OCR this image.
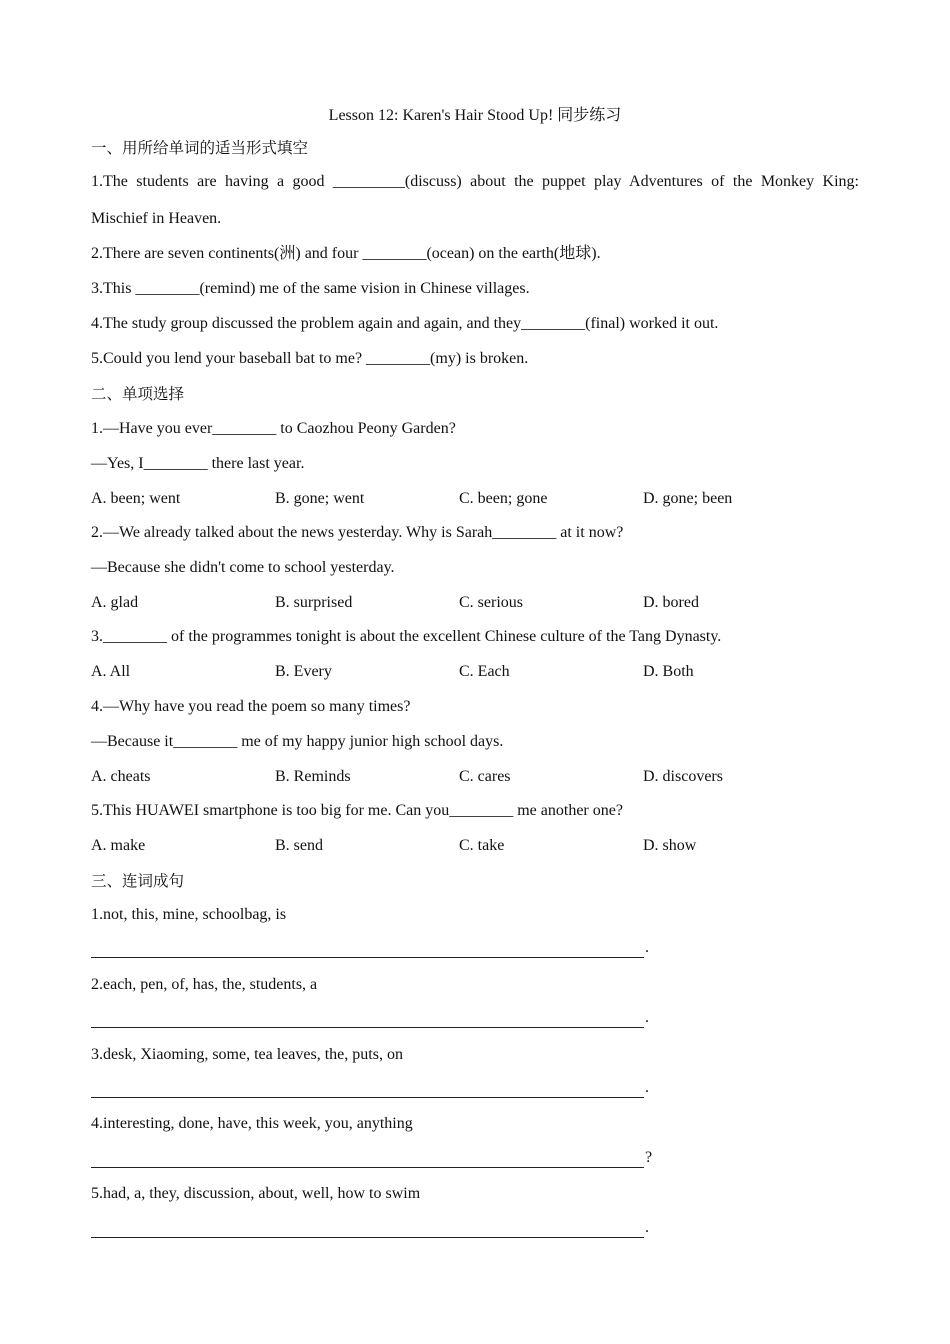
Lesson 12: Karen's Hair Stood Up! 同步练习
一、用所给单词的适当形式填空
1.The students are having a good _________(discuss) about the puppet play Adventures of the Monkey King:
Mischief in Heaven.
2.There are seven continents(洲) and four ________(ocean) on the earth(地球).
3.This ________(remind) me of the same vision in Chinese villages.
4.The study group discussed the problem again and again, and they________(final) worked it out.
5.Could you lend your baseball bat to me? ________(my) is broken.
二、单项选择
1.—Have you ever________ to Caozhou Peony Garden?
—Yes, I________ there last year.
A. been; went	B. gone; went	C. been; gone	D. gone; been
2.—We already talked about the news yesterday. Why is Sarah________ at it now?
—Because she didn't come to school yesterday.
A. glad	B. surprised	C. serious	D. bored
3.________ of the programmes tonight is about the excellent Chinese culture of the Tang Dynasty.
A. All	B. Every	C. Each	D. Both
4.—Why have you read the poem so many times?
—Because it________ me of my happy junior high school days.
A. cheats	B. Reminds	C. cares	D. discovers
5.This HUAWEI smartphone is too big for me. Can you________ me another one?
A. make	B. send	C. take	D. show
三、连词成句
1.not, this, mine, schoolbag, is
.
2.each, pen, of, has, the, students, a
.
3.desk, Xiaoming, some, tea leaves, the, puts, on
.
4.interesting, done, have, this week, you, anything
?
5.had, a, they, discussion, about, well, how to swim
.
